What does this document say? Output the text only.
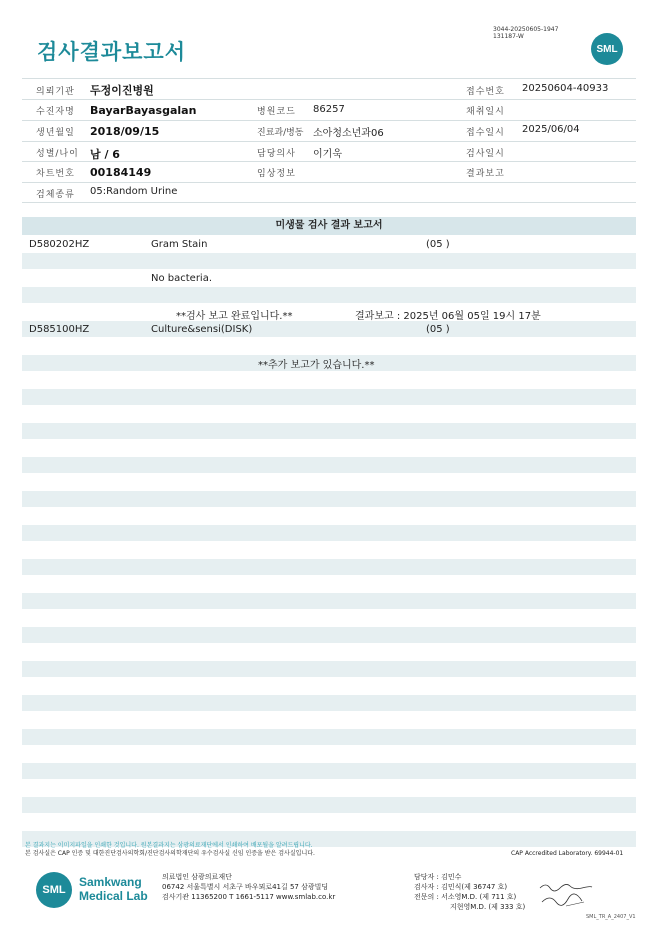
검사결과보고서
3044-20250605-1947
131187-W
SML
의뢰기관 두정이진병원
수진자명 BayarBayasgalan
생년월일 2018/09/15
성별/나이 남 / 6
차트번호 00184149
검체종류 05:Random Urine
병원코드 86257
진료과/병동 소아청소년과06
담당의사 이기욱
임상정보
접수번호 20250604-40933
채취일시
접수일시 2025/06/04
검사일시
결과보고
미생물 검사 결과 보고서
D580202HZ	Gram Stain	(05 )
No bacteria.
**검사 보고 완료입니다.**	결과보고 : 2025년 06월 05일 19시 17분
D585100HZ	Culture&sensi(DISK)	(05 )
**추가 보고가 있습니다.**
본 결과지는 이미지파일을 인쇄한 것입니다. 원본결과지는 삼광의료재단에서 인쇄하여 배포될을 알려드립니다.
본 검사실은 CAP 인증 및 대한진단검사의학회/진단검사의학재단의 우수검사실 신임 인증을 받은 검사실입니다.	CAP Accredited Laboratory. 69944-01
SML
Samkwang
Medical Lab
의료법인 삼광의료재단
06742 서울특별시 서초구 바우뫼로41길 57 삼광빌딩
검사기관 11365200 T 1661-5117 www.smlab.co.kr
담당자 : 김민수
검사자 : 김민식(제 36747 호)
전문의 : 서소영M.D. (제 711 호)
지현영M.D. (제 333 호)
SML_TR_A_2407_V1
